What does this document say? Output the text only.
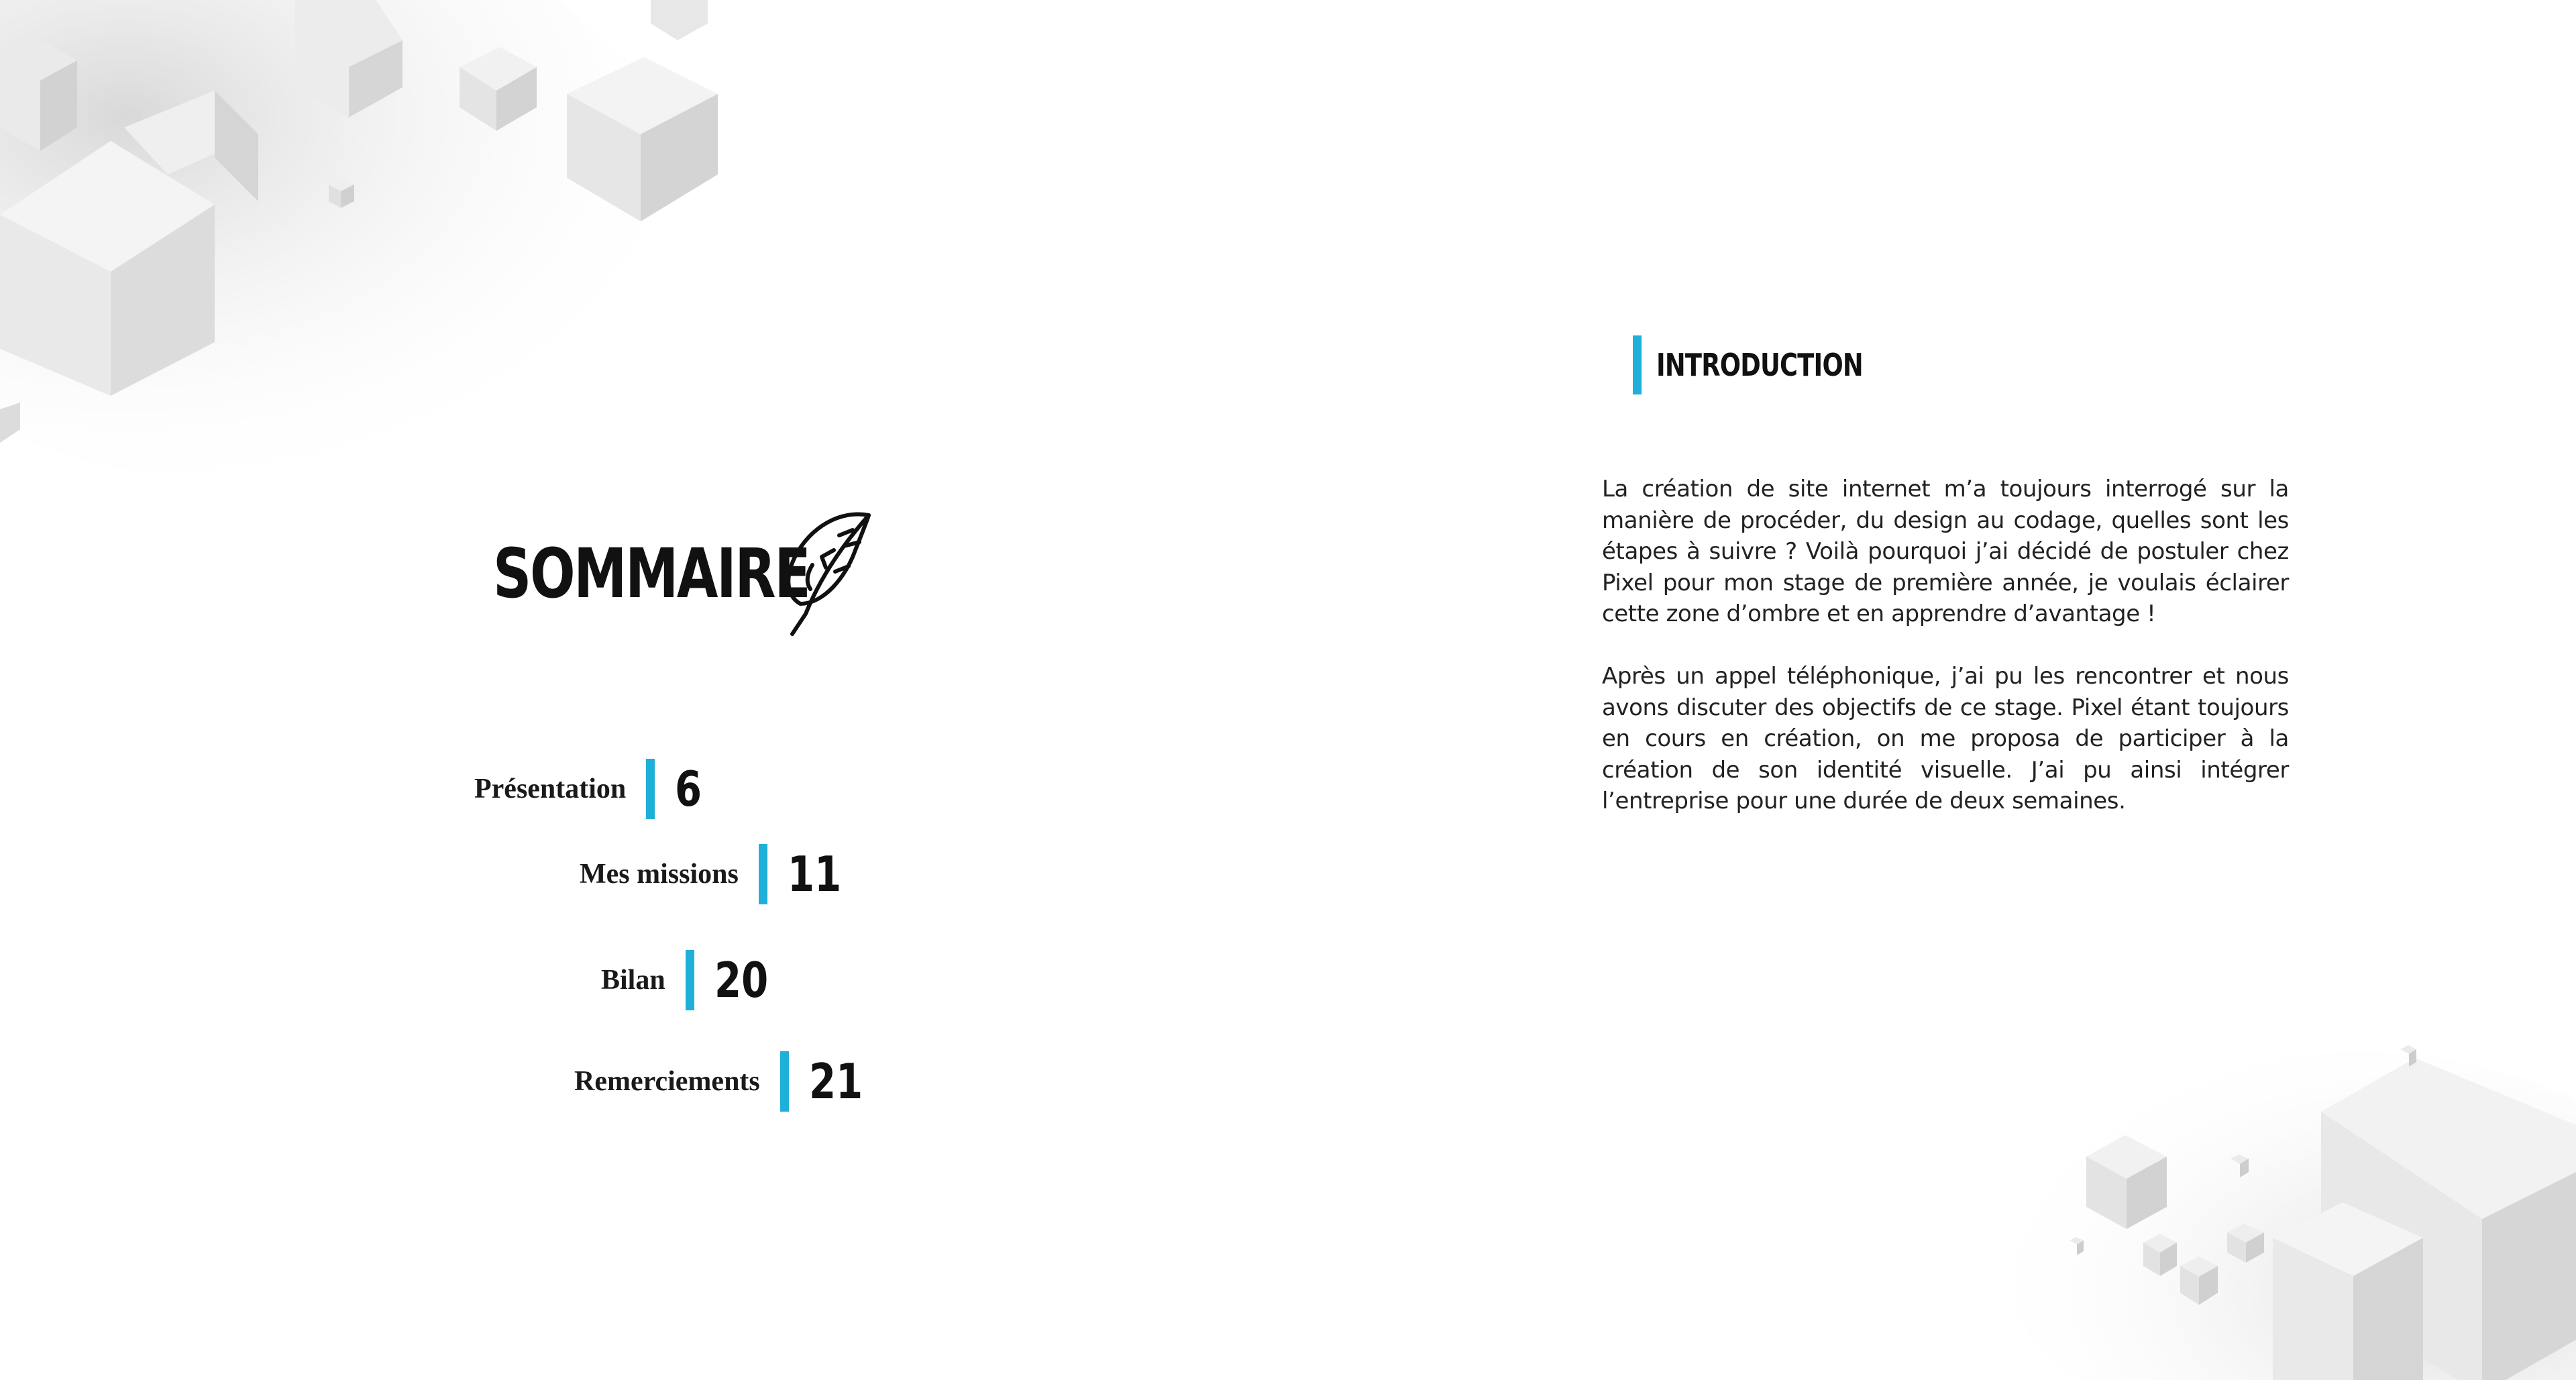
SOMMAIRE
Présentation 6
Mes missions 11
Bilan 20
Remerciements 21
INTRODUCTION

La création de site internet m’a toujours interrogé sur la manière de procéder, du design au codage, quelles sont les étapes à suivre ? Voilà pourquoi j’ai décidé de postuler chez Pixel pour mon stage de première année, je voulais éclairer cette zone d’ombre et en apprendre d’avantage !

Après un appel téléphonique, j’ai pu les rencontrer et nous avons discuter des objectifs de ce stage. Pixel étant toujours en cours en création, on me proposa de participer à la création de son identité visuelle. J’ai pu ainsi intégrer l’entreprise pour une durée de deux semaines.
